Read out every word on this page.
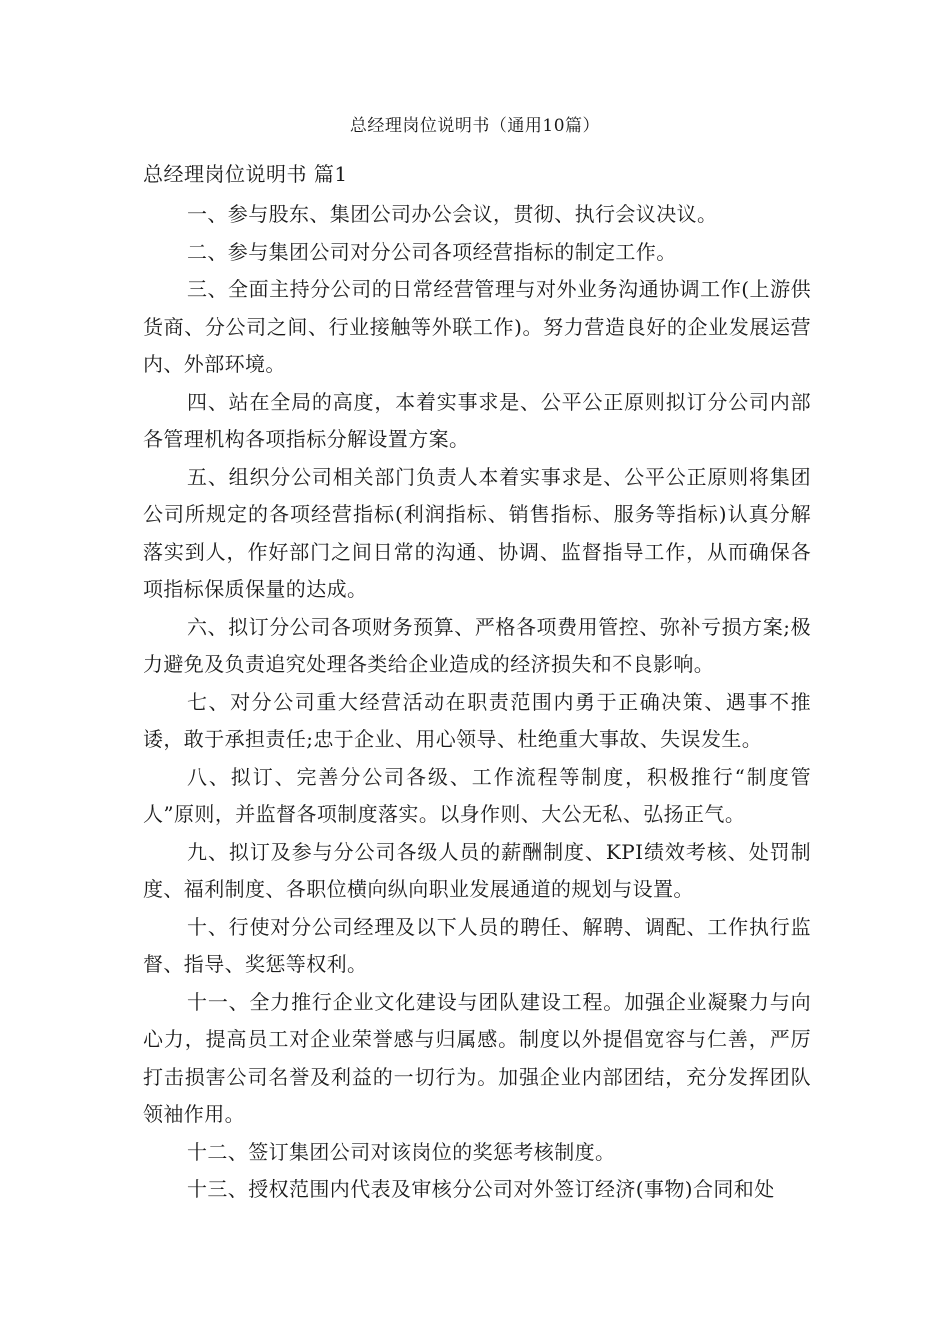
总经理岗位说明书（通用10篇）
总经理岗位说明书 篇1

一、参与股东、集团公司办公会议，贯彻、执行会议决议。

二、参与集团公司对分公司各项经营指标的制定工作。

三、全面主持分公司的日常经营管理与对外业务沟通协调工作(上游供货商、分公司之间、行业接触等外联工作)。努力营造良好的企业发展运营内、外部环境。

四、站在全局的高度，本着实事求是、公平公正原则拟订分公司内部各管理机构各项指标分解设置方案。

五、组织分公司相关部门负责人本着实事求是、公平公正原则将集团公司所规定的各项经营指标(利润指标、销售指标、服务等指标)认真分解落实到人，作好部门之间日常的沟通、协调、监督指导工作，从而确保各项指标保质保量的达成。

六、拟订分公司各项财务预算、严格各项费用管控、弥补亏损方案;极力避免及负责追究处理各类给企业造成的经济损失和不良影响。

七、对分公司重大经营活动在职责范围内勇于正确决策、遇事不推诿，敢于承担责任;忠于企业、用心领导、杜绝重大事故、失误发生。

八、拟订、完善分公司各级、工作流程等制度，积极推行“制度管人”原则，并监督各项制度落实。以身作则、大公无私、弘扬正气。

九、拟订及参与分公司各级人员的薪酬制度、KPI绩效考核、处罚制度、福利制度、各职位横向纵向职业发展通道的规划与设置。

十、行使对分公司经理及以下人员的聘任、解聘、调配、工作执行监督、指导、奖惩等权利。

十一、全力推行企业文化建设与团队建设工程。加强企业凝聚力与向心力，提高员工对企业荣誉感与归属感。制度以外提倡宽容与仁善，严厉打击损害公司名誉及利益的一切行为。加强企业内部团结，充分发挥团队领袖作用。

十二、签订集团公司对该岗位的奖惩考核制度。

十三、授权范围内代表及审核分公司对外签订经济(事物)合同和处
